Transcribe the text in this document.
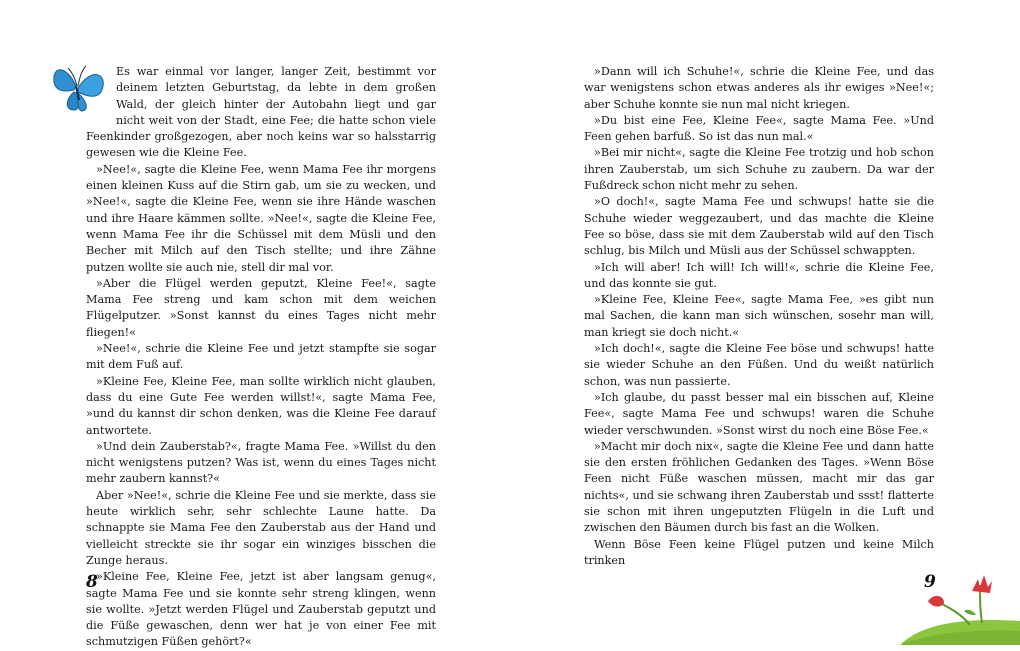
Es war einmal vor langer, langer Zeit, bestimmt vor deinem letzten Geburtstag, da lebte in dem großen Wald, der gleich hinter der Autobahn liegt und gar nicht weit von der Stadt, eine Fee; die hatte schon viele Feenkinder großgezogen, aber noch keins war so halsstarrig gewesen wie die Kleine Fee.

»Nee!«, sagte die Kleine Fee, wenn Mama Fee ihr morgens einen kleinen Kuss auf die Stirn gab, um sie zu wecken, und »Nee!«, sagte die Kleine Fee, wenn sie ihre Hände waschen und ihre Haare kämmen sollte. »Nee!«, sagte die Kleine Fee, wenn Mama Fee ihr die Schüssel mit dem Müsli und den Becher mit Milch auf den Tisch stellte; und ihre Zähne putzen wollte sie auch nie, stell dir mal vor.

»Aber die Flügel werden geputzt, Kleine Fee!«, sagte Mama Fee streng und kam schon mit dem weichen Flügelputzer. »Sonst kannst du eines Tages nicht mehr fliegen!«

»Nee!«, schrie die Kleine Fee und jetzt stampfte sie sogar mit dem Fuß auf.

»Kleine Fee, Kleine Fee, man sollte wirklich nicht glauben, dass du eine Gute Fee werden willst!«, sagte Mama Fee, »und du kannst dir schon denken, was die Kleine Fee darauf antwortete.

»Und dein Zauberstab?«, fragte Mama Fee. »Willst du den nicht wenigstens putzen? Was ist, wenn du eines Tages nicht mehr zaubern kannst?«

Aber »Nee!«, schrie die Kleine Fee und sie merkte, dass sie heute wirklich sehr, sehr schlechte Laune hatte. Da schnappte sie Mama Fee den Zauberstab aus der Hand und vielleicht streckte sie ihr sogar ein winziges bisschen die Zunge heraus.

»Kleine Fee, Kleine Fee, jetzt ist aber langsam genug«, sagte Mama Fee und sie konnte sehr streng klingen, wenn sie wollte. »Jetzt werden Flügel und Zauberstab geputzt und die Füße gewaschen, denn wer hat je von einer Fee mit schmutzigen Füßen gehört?«

»Dann will ich Schuhe!«, schrie die Kleine Fee, und das war wenigstens schon etwas anderes als ihr ewiges »Nee!«; aber Schuhe konnte sie nun mal nicht kriegen.

»Du bist eine Fee, Kleine Fee«, sagte Mama Fee. »Und Feen gehen barfuß. So ist das nun mal.«

»Bei mir nicht«, sagte die Kleine Fee trotzig und hob schon ihren Zauberstab, um sich Schuhe zu zaubern. Da war der Fußdreck schon nicht mehr zu sehen.

»O doch!«, sagte Mama Fee und schwups! hatte sie die Schuhe wieder weggezaubert, und das machte die Kleine Fee so böse, dass sie mit dem Zauberstab wild auf den Tisch schlug, bis Milch und Müsli aus der Schüssel schwappten.

»Ich will aber! Ich will! Ich will!«, schrie die Kleine Fee, und das konnte sie gut.

»Kleine Fee, Kleine Fee«, sagte Mama Fee, »es gibt nun mal Sachen, die kann man sich wünschen, sosehr man will, man kriegt sie doch nicht.«

»Ich doch!«, sagte die Kleine Fee böse und schwups! hatte sie wieder Schuhe an den Füßen. Und du weißt natürlich schon, was nun passierte.

»Ich glaube, du passt besser mal ein bisschen auf, Kleine Fee«, sagte Mama Fee und schwups! waren die Schuhe wieder verschwunden. »Sonst wirst du noch eine Böse Fee.«

»Macht mir doch nix«, sagte die Kleine Fee und dann hatte sie den ersten fröhlichen Gedanken des Tages. »Wenn Böse Feen nicht Füße waschen müssen, macht mir das gar nichts«, und sie schwang ihren Zauberstab und ssst! flatterte sie schon mit ihren ungeputzten Flügeln in die Luft und zwischen den Bäumen durch bis fast an die Wolken.

Wenn Böse Feen keine Flügel putzen und keine Milch trinken

8	9
